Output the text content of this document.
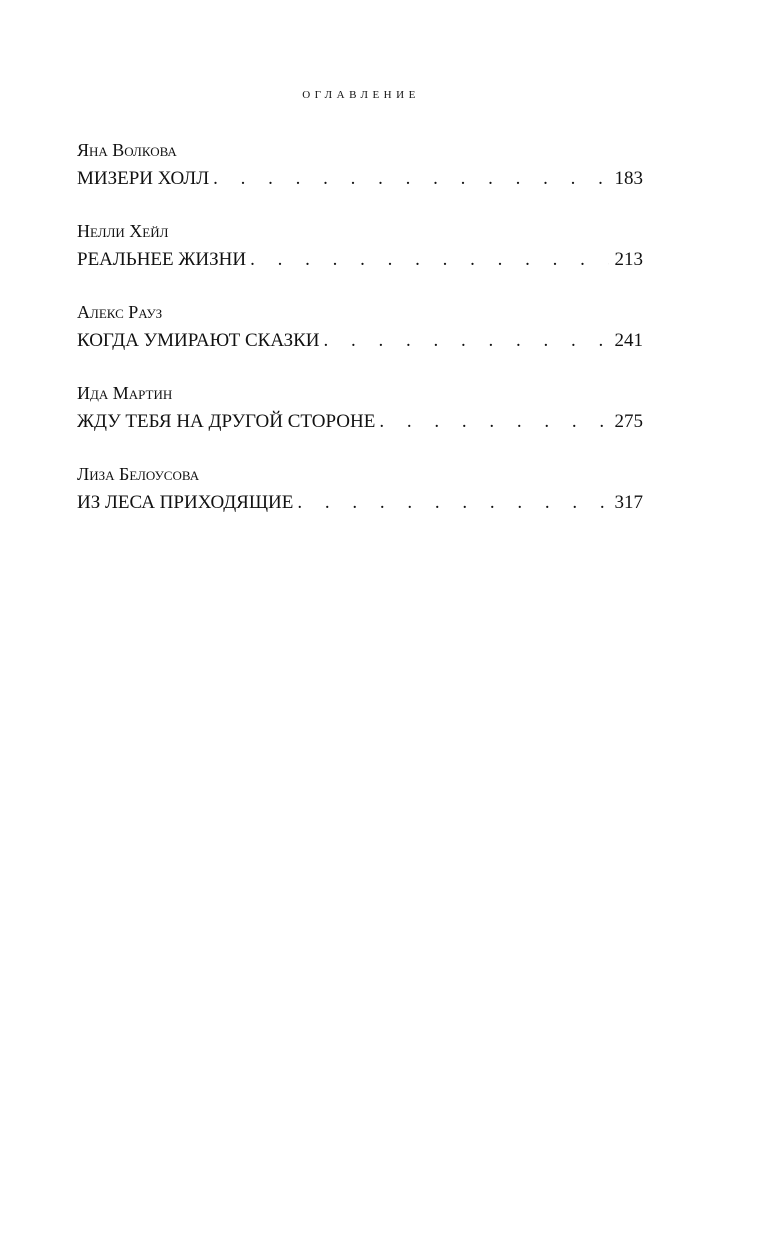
оглавление
Яна Волкова
МИЗЕРИ ХОЛЛ . . .	183
Нелли Хейл
РЕАЛЬНЕЕ ЖИЗНИ . . .	213
Алекс Рауз
КОГДА УМИРАЮТ СКАЗКИ . . .	241
Ида Мартин
ЖДУ ТЕБЯ НА ДРУГОЙ СТОРОНЕ . . .	275
Лиза Белоусова
ИЗ ЛЕСА ПРИХОДЯЩИЕ . . .	317
